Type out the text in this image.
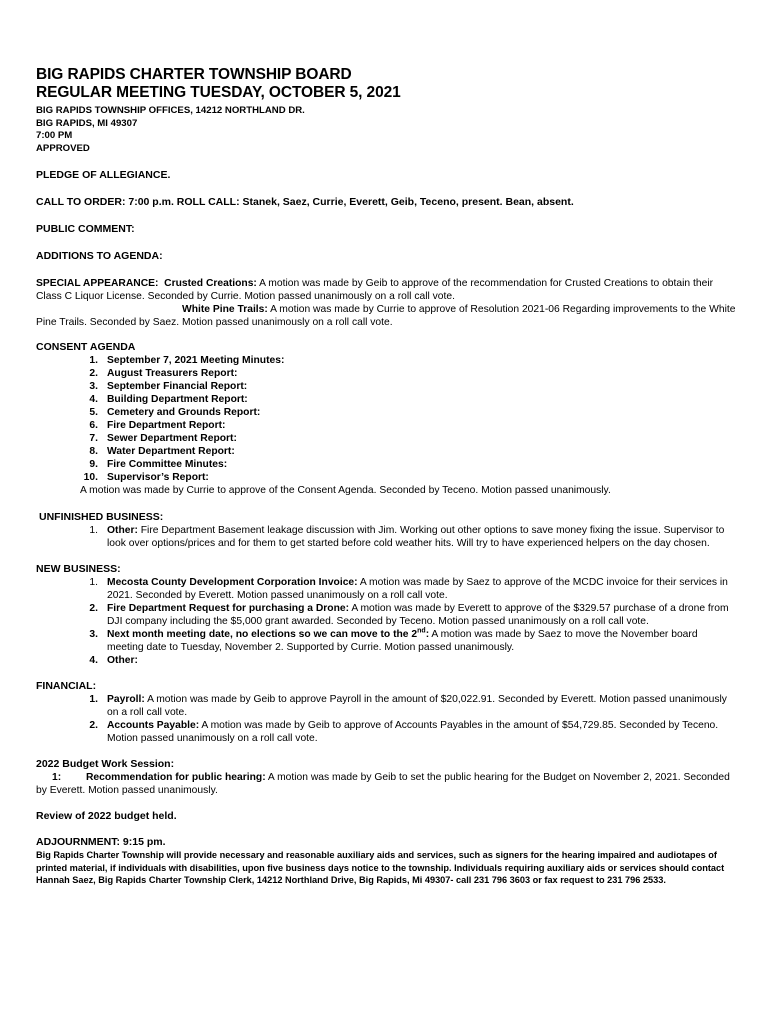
BIG RAPIDS CHARTER TOWNSHIP BOARD
REGULAR MEETING TUESDAY, OCTOBER 5, 2021
BIG RAPIDS TOWNSHIP OFFICES, 14212 NORTHLAND DR.
BIG RAPIDS, MI 49307
7:00 PM
APPROVED
PLEDGE OF ALLEGIANCE.
CALL TO ORDER: 7:00 p.m. ROLL CALL: Stanek, Saez, Currie, Everett, Geib, Teceno, present. Bean, absent.
PUBLIC COMMENT:
ADDITIONS TO AGENDA:
SPECIAL APPEARANCE: Crusted Creations: A motion was made by Geib to approve of the recommendation for Crusted Creations to obtain their Class C Liquor License. Seconded by Currie. Motion passed unanimously on a roll call vote.
White Pine Trails: A motion was made by Currie to approve of Resolution 2021-06 Regarding improvements to the White Pine Trails. Seconded by Saez. Motion passed unanimously on a roll call vote.
CONSENT AGENDA
1. September 7, 2021 Meeting Minutes:
2. August Treasurers Report:
3. September Financial Report:
4. Building Department Report:
5. Cemetery and Grounds Report:
6. Fire Department Report:
7. Sewer Department Report:
8. Water Department Report:
9. Fire Committee Minutes:
10. Supervisor’s Report:
A motion was made by Currie to approve of the Consent Agenda. Seconded by Teceno. Motion passed unanimously.
UNFINISHED BUSINESS:
1. Other: Fire Department Basement leakage discussion with Jim. Working out other options to save money fixing the issue. Supervisor to look over options/prices and for them to get started before cold weather hits. Will try to have experienced helpers on the day chosen.
NEW BUSINESS:
1. Mecosta County Development Corporation Invoice: A motion was made by Saez to approve of the MCDC invoice for their services in 2021. Seconded by Everett. Motion passed unanimously on a roll call vote.
2. Fire Department Request for purchasing a Drone: A motion was made by Everett to approve of the $329.57 purchase of a drone from DJI company including the $5,000 grant awarded. Seconded by Teceno. Motion passed unanimously on a roll call vote.
3. Next month meeting date, no elections so we can move to the 2nd: A motion was made by Saez to move the November board meeting date to Tuesday, November 2. Supported by Currie. Motion passed unanimously.
4. Other:
FINANCIAL:
1. Payroll: A motion was made by Geib to approve Payroll in the amount of $20,022.91. Seconded by Everett. Motion passed unanimously on a roll call vote.
2. Accounts Payable: A motion was made by Geib to approve of Accounts Payables in the amount of $54,729.85. Seconded by Teceno. Motion passed unanimously on a roll call vote.
2022 Budget Work Session:
1: Recommendation for public hearing: A motion was made by Geib to set the public hearing for the Budget on November 2, 2021. Seconded by Everett. Motion passed unanimously.
Review of 2022 budget held.
ADJOURNMENT: 9:15 pm.
Big Rapids Charter Township will provide necessary and reasonable auxiliary aids and services, such as signers for the hearing impaired and audiotapes of printed material, if individuals with disabilities, upon five business days notice to the township. Individuals requiring auxiliary aids or services should contact Hannah Saez, Big Rapids Charter Township Clerk, 14212 Northland Drive, Big Rapids, Mi 49307- call 231 796 3603 or fax request to 231 796 2533.
